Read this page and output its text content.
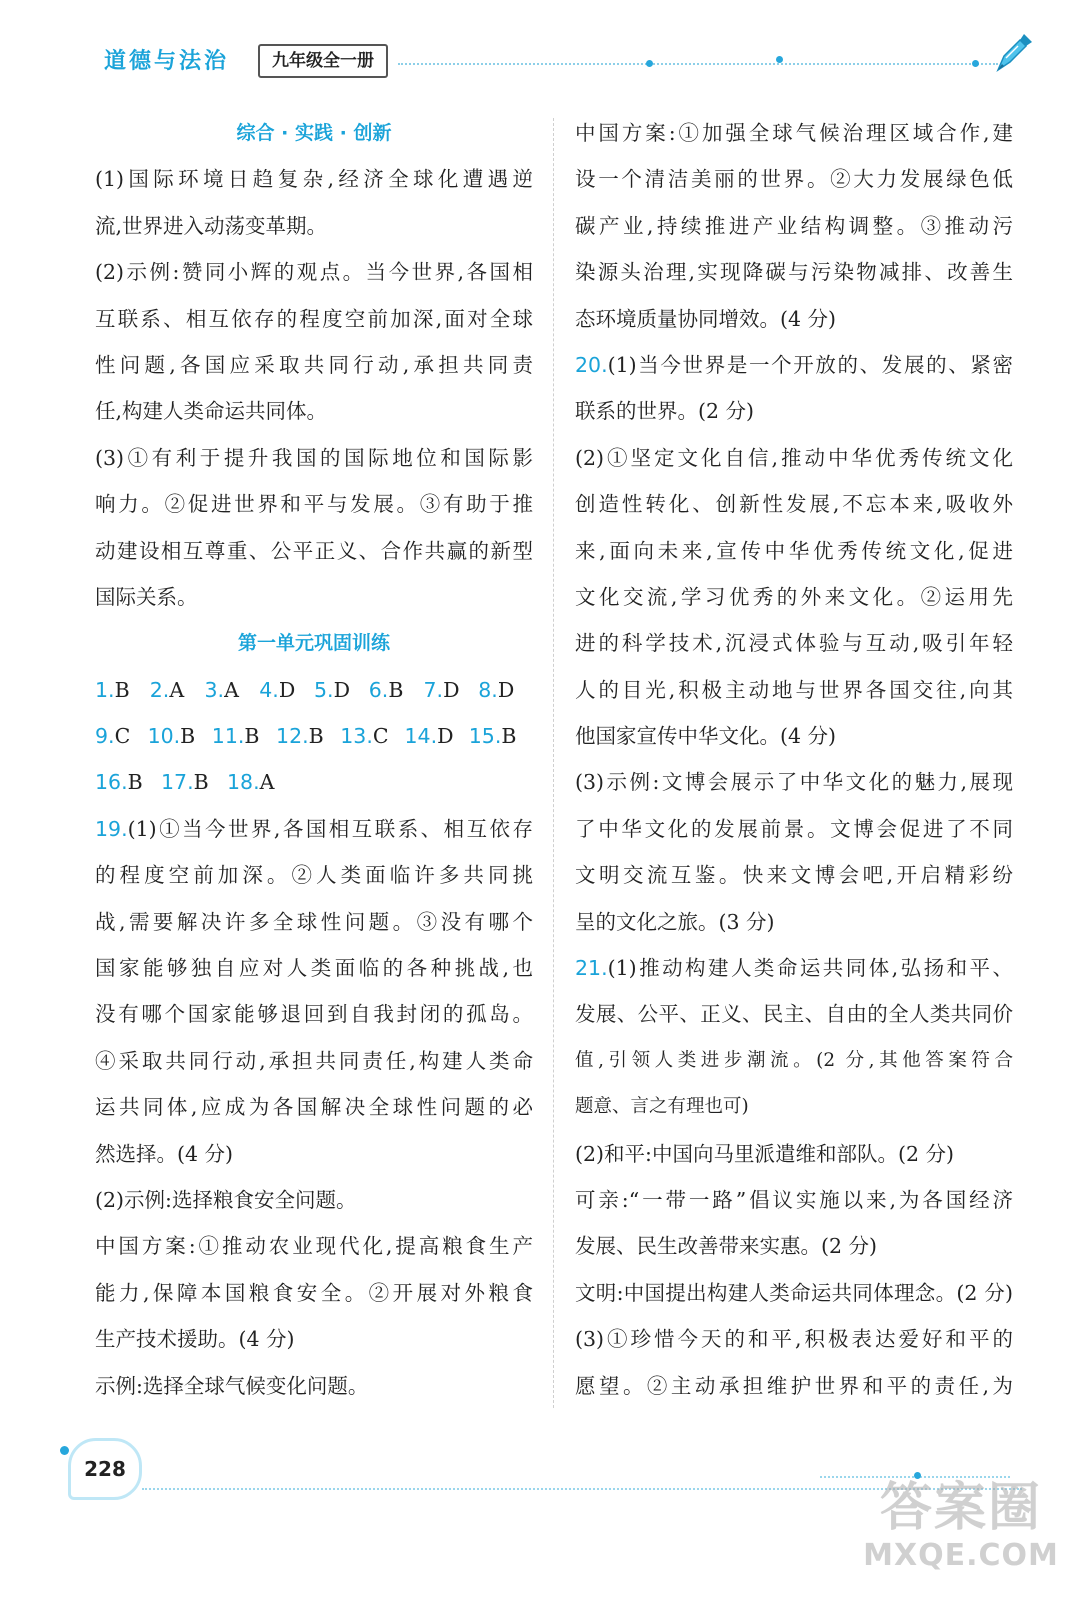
道德与法治	九年级全一册
综合 · 实践 · 创新
(1)国际环境日趋复杂,经济全球化遭遇逆
流,世界进入动荡变革期。
(2)示例:赞同小辉的观点。当今世界,各国相
互联系、相互依存的程度空前加深,面对全球
性问题,各国应采取共同行动,承担共同责
任,构建人类命运共同体。
(3)①有利于提升我国的国际地位和国际影
响力。②促进世界和平与发展。③有助于推
动建设相互尊重、公平正义、合作共赢的新型
国际关系。
第一单元巩固训练
1.B 2.A 3.A 4.D 5.D 6.B 7.D 8.D
9.C 10.B 11.B 12.B 13.C 14.D 15.B
16.B 17.B 18.A
19.(1)①当今世界,各国相互联系、相互依存
的程度空前加深。②人类面临许多共同挑
战,需要解决许多全球性问题。③没有哪个
国家能够独自应对人类面临的各种挑战,也
没有哪个国家能够退回到自我封闭的孤岛。
④采取共同行动,承担共同责任,构建人类命
运共同体,应成为各国解决全球性问题的必
然选择。(4 分)
(2)示例:选择粮食安全问题。
中国方案:①推动农业现代化,提高粮食生产
能力,保障本国粮食安全。②开展对外粮食
生产技术援助。(4 分)
示例:选择全球气候变化问题。
中国方案:①加强全球气候治理区域合作,建
设一个清洁美丽的世界。②大力发展绿色低
碳产业,持续推进产业结构调整。③推动污
染源头治理,实现降碳与污染物减排、改善生
态环境质量协同增效。(4 分)
20.(1)当今世界是一个开放的、发展的、紧密
联系的世界。(2 分)
(2)①坚定文化自信,推动中华优秀传统文化
创造性转化、创新性发展,不忘本来,吸收外
来,面向未来,宣传中华优秀传统文化,促进
文化交流,学习优秀的外来文化。②运用先
进的科学技术,沉浸式体验与互动,吸引年轻
人的目光,积极主动地与世界各国交往,向其
他国家宣传中华文化。(4 分)
(3)示例:文博会展示了中华文化的魅力,展现
了中华文化的发展前景。文博会促进了不同
文明交流互鉴。快来文博会吧,开启精彩纷
呈的文化之旅。(3 分)
21.(1)推动构建人类命运共同体,弘扬和平、
发展、公平、正义、民主、自由的全人类共同价
值,引领人类进步潮流。(2 分,其他答案符合
题意、言之有理也可)
(2)和平:中国向马里派遣维和部队。(2 分)
可亲:“一带一路”倡议实施以来,为各国经济
发展、民生改善带来实惠。(2 分)
文明:中国提出构建人类命运共同体理念。(2 分)
(3)①珍惜今天的和平,积极表达爱好和平的
愿望。②主动承担维护世界和平的责任,为
228
答案圈
MXQE.COM
